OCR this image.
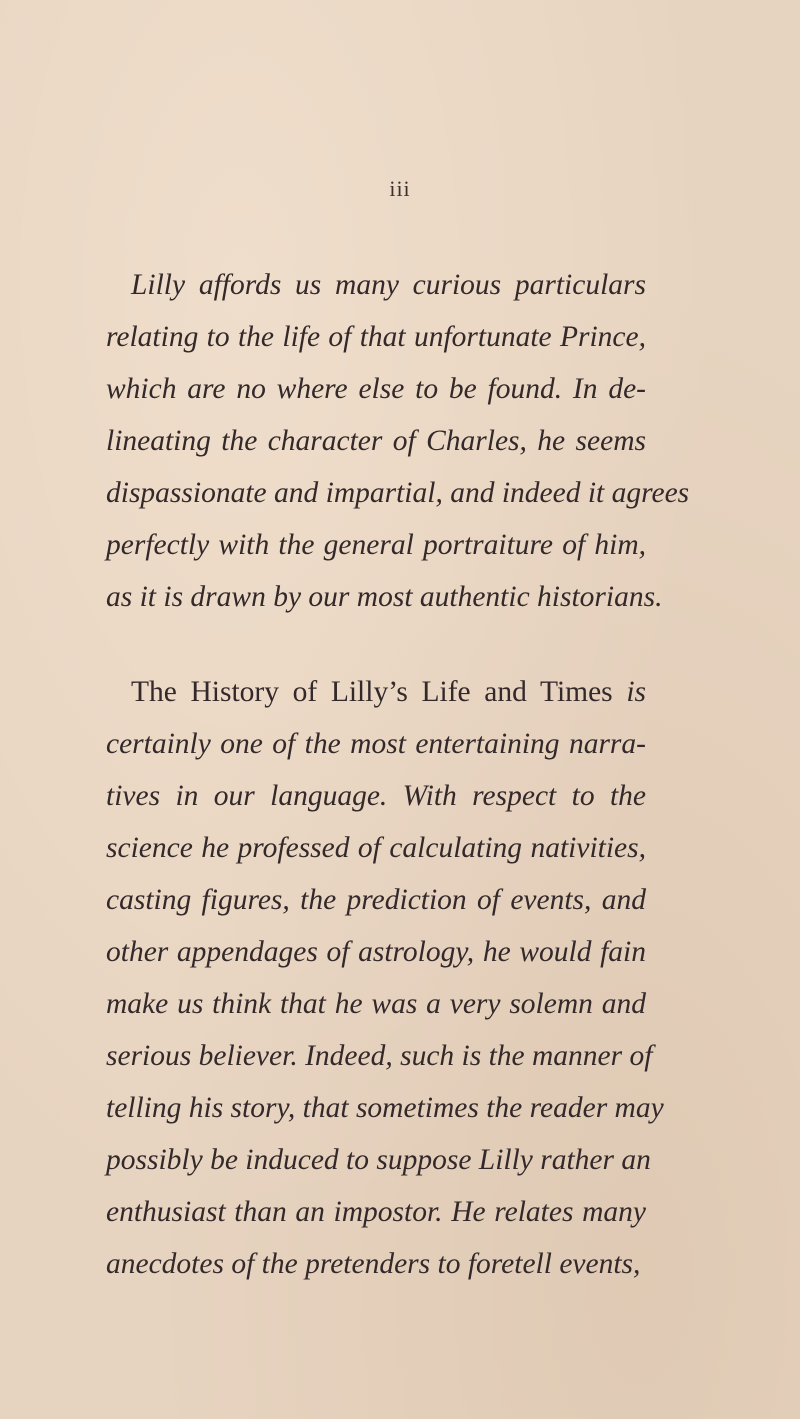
iii
Lilly affords us many curious particulars
relating to the life of that unfortunate Prince,
which are no where else to be found. In de-
lineating the character of Charles, he seems
dispassionate and impartial, and indeed it agrees
perfectly with the general portraiture of him,
as it is drawn by our most authentic historians.
The History of Lilly’s Life and Times is
certainly one of the most entertaining narra-
tives in our language. With respect to the
science he professed of calculating nativities,
casting figures, the prediction of events, and
other appendages of astrology, he would fain
make us think that he was a very solemn and
serious believer. Indeed, such is the manner of
telling his story, that sometimes the reader may
possibly be induced to suppose Lilly rather an
enthusiast than an impostor. He relates many
anecdotes of the pretenders to foretell events,
